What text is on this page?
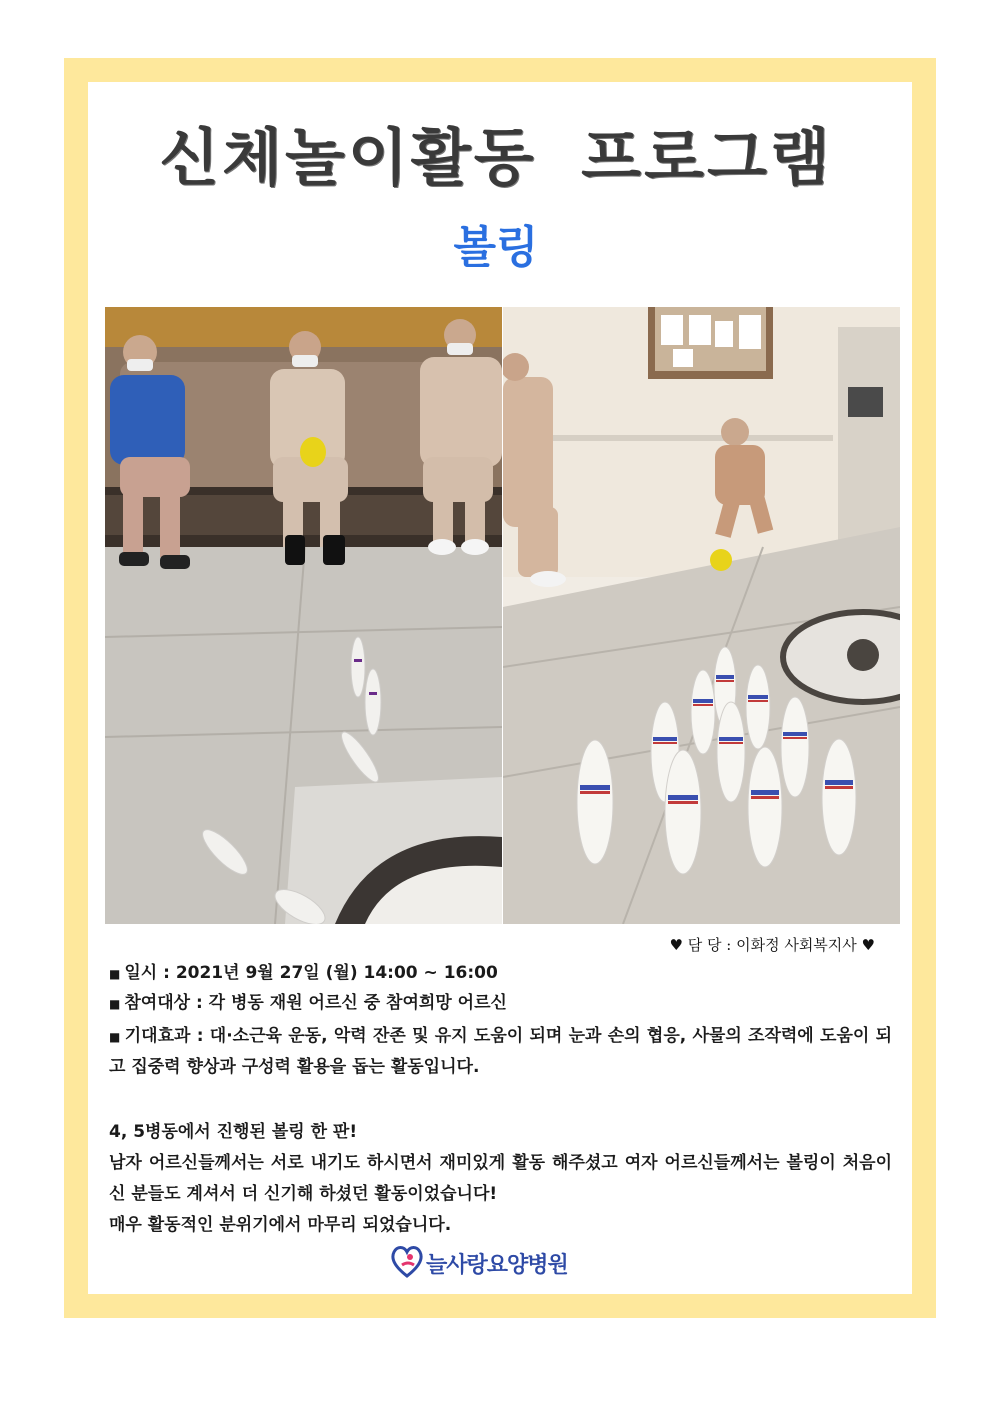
신체놀이활동 프로그램
볼링
♥ 담 당 : 이화정 사회복지사 ♥
■ 일시 : 2021년 9월 27일 (월) 14:00 ~ 16:00
■ 참여대상 : 각 병동 재원 어르신 중 참여희망 어르신
■ 기대효과 : 대·소근육 운동, 악력 잔존 및 유지 도움이 되며 눈과 손의 협응, 사물의 조작력에 도움이 되고 집중력 향상과 구성력 활용을 돕는 활동입니다.
4, 5병동에서 진행된 볼링 한 판!
남자 어르신들께서는 서로 내기도 하시면서 재미있게 활동 해주셨고 여자 어르신들께서는 볼링이 처음이신 분들도 계셔서 더 신기해 하셨던 활동이었습니다!
매우 활동적인 분위기에서 마무리 되었습니다.
늘사랑요양병원
